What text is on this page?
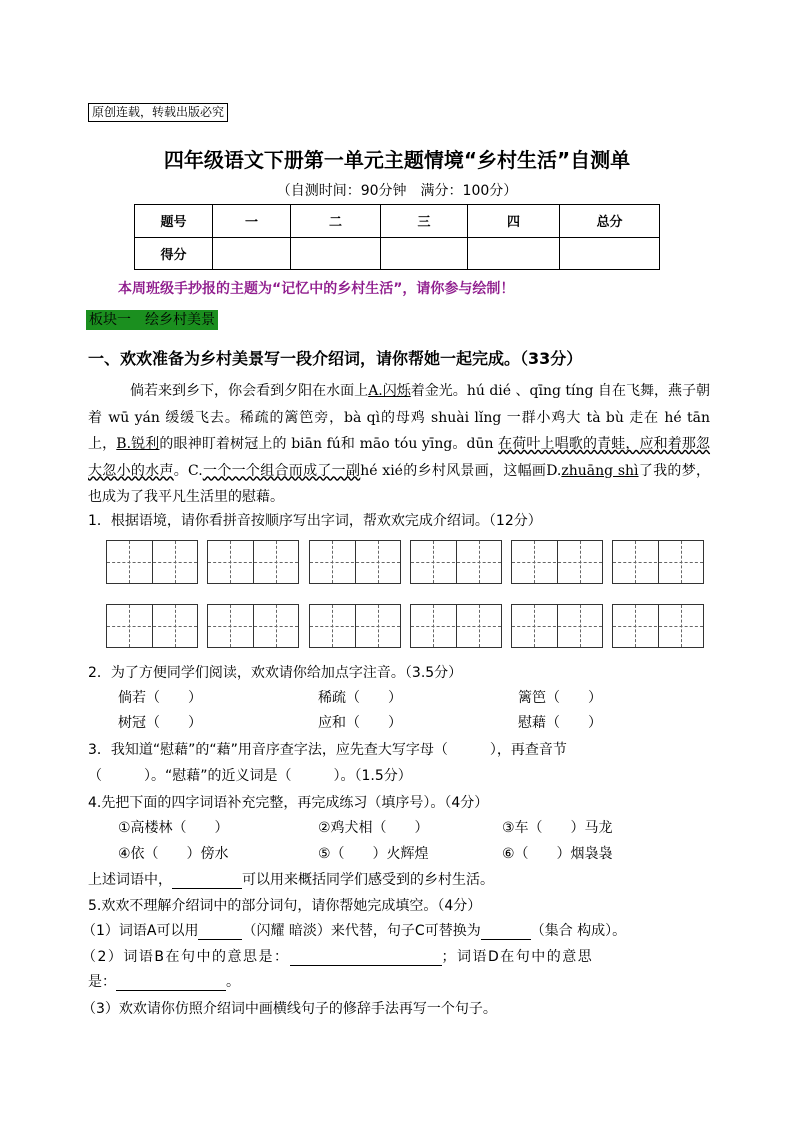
原创连载，转载出版必究
四年级语文下册第一单元主题情境“乡村生活”自测单
（自测时间：90分钟　满分：100分）
题号	一	二	三	四	总分
得分					
本周班级手抄报的主题为“记忆中的乡村生活”，请你参与绘制！
板块一　绘乡村美景
一、欢欢准备为乡村美景写一段介绍词，请你帮她一起完成。（33分）
倘若来到乡下，你会看到夕阳在水面上A.闪烁着金光。hú dié 、qīng tíng 自在飞舞，燕子朝着 wū yán 缓缓飞去。稀疏的篱笆旁，bà qì的母鸡 shuài lǐng 一群小鸡大 tà bù 走在 hé tān 上，B.锐利的眼神盯着树冠上的 biān fú和 māo tóu yīng。dūn 在荷叶上唱歌的青蛙，应和着那忽大忽小的水声。C.一个一个组合而成了一副hé xié的乡村风景画，这幅画D.zhuāng shì了我的梦，也成为了我平凡生活里的慰藉。
1．根据语境，请你看拼音按顺序写出字词，帮欢欢完成介绍词。（12分）
2．为了方便同学们阅读，欢欢请你给加点字注音。（3.5分）
倘若（　　）	稀疏（　　）	篱笆（　　）
树冠（　　）	应和（　　）	慰藉（　　）
3．我知道“慰藉”的“藉”用音序查字法，应先查大写字母（　　　），再查音节
（　　　）。“慰藉”的近义词是（　　　）。（1.5分）
4.先把下面的四字词语补充完整，再完成练习（填序号）。（4分）
①高楼林（　　）	②鸡犬相（　　）	③车（　　）马龙
④依（　　）傍水	⑤（　　）火辉煌	⑥（　　）烟袅袅
上述词语中，	可以用来概括同学们感受到的乡村生活。
5.欢欢不理解介绍词中的部分词句，请你帮她完成填空。（4分）
（1）词语A可以用	（闪耀 暗淡）来代替，句子C可替换为	（集合 构成）。
（2）词语B在句中的意思是：	；词语D在句中的意思
是：	。
（3）欢欢请你仿照介绍词中画横线句子的修辞手法再写一个句子。
